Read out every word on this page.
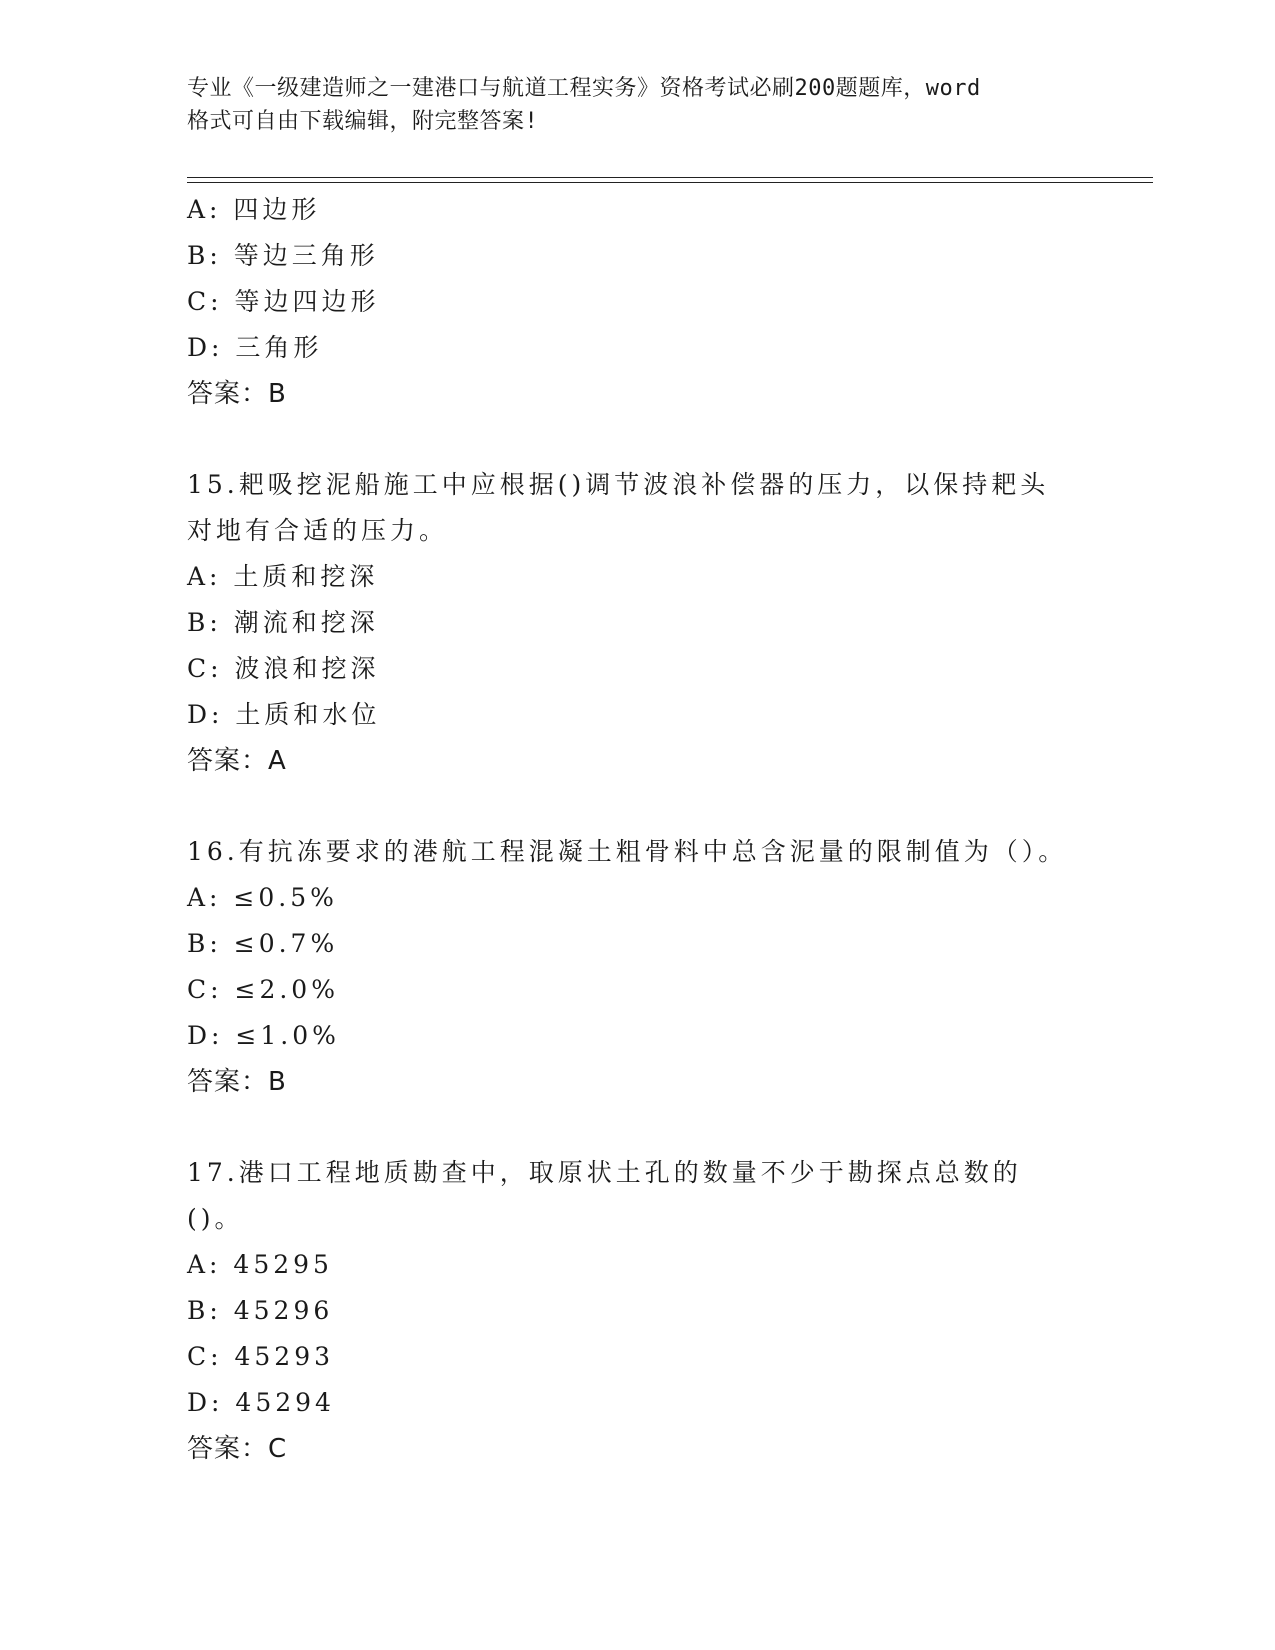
专业《一级建造师之一建港口与航道工程实务》资格考试必刷200题题库，word
格式可自由下载编辑，附完整答案!
A: 四边形
B: 等边三角形
C: 等边四边形
D: 三角形
答案：B
15.耙吸挖泥船施工中应根据()调节波浪补偿器的压力，以保持耙头对地有合适的压力。
A: 土质和挖深
B: 潮流和挖深
C: 波浪和挖深
D: 土质和水位
答案：A
16.有抗冻要求的港航工程混凝土粗骨料中总含泥量的限制值为（）。
A: ≤0.5%
B: ≤0.7%
C: ≤2.0%
D: ≤1.0%
答案：B
17.港口工程地质勘查中，取原状土孔的数量不少于勘探点总数的()。
A: 45295
B: 45296
C: 45293
D: 45294
答案：C
